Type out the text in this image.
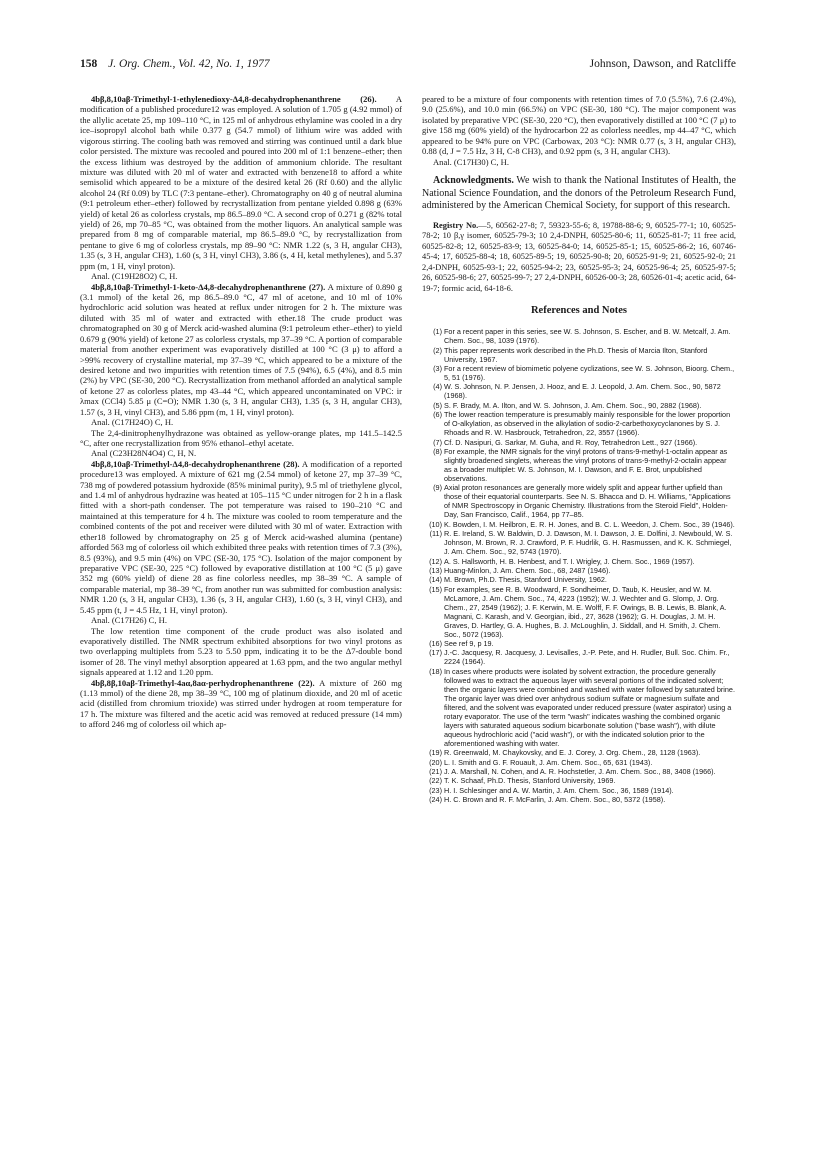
158 J. Org. Chem., Vol. 42, No. 1, 1977	Johnson, Dawson, and Ratcliffe

4bβ,8,10aβ-Trimethyl-1-ethylenedioxy-Δ4,8-decahydrophenanthrene (26). A modification of a published procedure12 was employed. A solution of 1.705 g (4.92 mmol) of the allylic acetate 25, mp 109–110 °C, in 125 ml of anhydrous ethylamine was cooled in a dry ice–isopropyl alcohol bath while 0.377 g (54.7 mmol) of lithium wire was added with vigorous stirring. The cooling bath was removed and stirring was continued until a dark blue color persisted. The mixture was recooled and poured into 200 ml of 1:1 benzene–ether; then the excess lithium was destroyed by the addition of ammonium chloride. The resultant mixture was diluted with 20 ml of water and extracted with benzene18 to afford a white semisolid which appeared to be a mixture of the desired ketal 26 (Rf 0.60) and the allylic alcohol 24 (Rf 0.09) by TLC (7:3 pentane–ether). Chromatography on 40 g of neutral alumina (9:1 petroleum ether–ether) followed by recrystallization from pentane yielded 0.898 g (63% yield) of ketal 26 as colorless crystals, mp 86.5–89.0 °C. A second crop of 0.271 g (82% total yield) of 26, mp 70–85 °C, was obtained from the mother liquors. An analytical sample was prepared from 8 mg of comparable material, mp 86.5–89.0 °C, by recrystallization from pentane to give 6 mg of colorless crystals, mp 89–90 °C: NMR 1.22 (s, 3 H, angular CH3), 1.35 (s, 3 H, angular CH3), 1.60 (s, 3 H, vinyl CH3), 3.86 (s, 4 H, ketal methylenes), and 5.37 ppm (m, 1 H, vinyl proton).

Anal. (C19H28O2) C, H.

4bβ,8,10aβ-Trimethyl-1-keto-Δ4,8-decahydrophenanthrene (27). A mixture of 0.890 g (3.1 mmol) of the ketal 26, mp 86.5–89.0 °C, 47 ml of acetone, and 10 ml of 10% hydrochloric acid solution was heated at reflux under nitrogen for 2 h. The mixture was diluted with 35 ml of water and extracted with ether.18 The crude product was chromatographed on 30 g of Merck acid-washed alumina (9:1 petroleum ether–ether) to yield 0.679 g (90% yield) of ketone 27 as colorless crystals, mp 37–39 °C. A portion of comparable material from another experiment was evaporatively distilled at 100 °C (3 μ) to afford a >99% recovery of crystalline material, mp 37–39 °C, which appeared to be a mixture of the desired ketone and two impurities with retention times of 7.5 (94%), 6.5 (4%), and 8.5 min (2%) by VPC (SE-30, 200 °C). Recrystallization from methanol afforded an analytical sample of ketone 27 as colorless plates, mp 43–44 °C, which appeared uncontaminated on VPC: ir λmax (CCl4) 5.85 μ (C=O); NMR 1.30 (s, 3 H, angular CH3), 1.35 (s, 3 H, angular CH3), 1.57 (s, 3 H, vinyl CH3), and 5.86 ppm (m, 1 H, vinyl proton).

Anal. (C17H24O) C, H.

The 2,4-dinitrophenylhydrazone was obtained as yellow-orange plates, mp 141.5–142.5 °C, after one recrystallization from 95% ethanol–ethyl acetate.

Anal (C23H28N4O4) C, H, N.

4bβ,8,10aβ-Trimethyl-Δ4,8-decahydrophenanthrene (28). A modification of a reported procedure13 was employed. A mixture of 621 mg (2.54 mmol) of ketone 27, mp 37–39 °C, 738 mg of powdered potassium hydroxide (85% minimal purity), 9.5 ml of triethylene glycol, and 1.4 ml of anhydrous hydrazine was heated at 105–115 °C under nitrogen for 2 h in a flask fitted with a short-path condenser. The pot temperature was raised to 190–210 °C and maintained at this temperature for 4 h. The mixture was cooled to room temperature and the combined contents of the pot and receiver were diluted with 30 ml of water. Extraction with ether18 followed by chromatography on 25 g of Merck acid-washed alumina (pentane) afforded 563 mg of colorless oil which exhibited three peaks with retention times of 7.3 (3%), 8.5 (93%), and 9.5 min (4%) on VPC (SE-30, 175 °C). Isolation of the major component by preparative VPC (SE-30, 225 °C) followed by evaporative distillation at 100 °C (5 μ) gave 352 mg (60% yield) of diene 28 as fine colorless needles, mp 38–39 °C. A sample of comparable material, mp 38–39 °C, from another run was submitted for combustion analysis: NMR 1.20 (s, 3 H, angular CH3), 1.36 (s, 3 H, angular CH3), 1.60 (s, 3 H, vinyl CH3), and 5.45 ppm (t, J = 4.5 Hz, 1 H, vinyl proton).

Anal. (C17H26) C, H.

The low retention time component of the crude product was also isolated and evaporatively distilled. The NMR spectrum exhibited absorptions for two vinyl protons as two overlapping multiplets from 5.23 to 5.50 ppm, indicating it to be the Δ7-double bond isomer of 28. The vinyl methyl absorption appeared at 1.63 ppm, and the two angular methyl signals appeared at 1.12 and 1.20 ppm.

4bβ,8β,10aβ-Trimethyl-4aα,8aα-perhydrophenanthrene (22). A mixture of 260 mg (1.13 mmol) of the diene 28, mp 38–39 °C, 100 mg of platinum dioxide, and 20 ml of acetic acid (distilled from chromium trioxide) was stirred under hydrogen at room temperature for 17 h. The mixture was filtered and the acetic acid was removed at reduced pressure (14 mm) to afford 246 mg of colorless oil which ap-

peared to be a mixture of four components with retention times of 7.0 (5.5%), 7.6 (2.4%), 9.0 (25.6%), and 10.0 min (66.5%) on VPC (SE-30, 180 °C). The major component was isolated by preparative VPC (SE-30, 220 °C), then evaporatively distilled at 100 °C (7 μ) to give 158 mg (60% yield) of the hydrocarbon 22 as colorless needles, mp 44–47 °C, which appeared to be 94% pure on VPC (Carbowax, 203 °C): NMR 0.77 (s, 3 H, angular CH3), 0.88 (d, J = 7.5 Hz, 3 H, C-8 CH3), and 0.92 ppm (s, 3 H, angular CH3).

Anal. (C17H30) C, H.

Acknowledgments. We wish to thank the National Institutes of Health, the National Science Foundation, and the donors of the Petroleum Research Fund, administered by the American Chemical Society, for support of this research.

Registry No.—5, 60562-27-8; 7, 59323-55-6; 8, 19788-88-6; 9, 60525-77-1; 10, 60525-78-2; 10 β,γ isomer, 60525-79-3; 10 2,4-DNPH, 60525-80-6; 11, 60525-81-7; 11 free acid, 60525-82-8; 12, 60525-83-9; 13, 60525-84-0; 14, 60525-85-1; 15, 60525-86-2; 16, 60746-45-4; 17, 60525-88-4; 18, 60525-89-5; 19, 60525-90-8; 20, 60525-91-9; 21, 60525-92-0; 21 2,4-DNPH, 60525-93-1; 22, 60525-94-2; 23, 60525-95-3; 24, 60525-96-4; 25, 60525-97-5; 26, 60525-98-6; 27, 60525-99-7; 27 2,4-DNPH, 60526-00-3; 28, 60526-01-4; acetic acid, 64-19-7; formic acid, 64-18-6.

References and Notes
(1) For a recent paper in this series, see W. S. Johnson, S. Escher, and B. W. Metcalf, J. Am. Chem. Soc., 98, 1039 (1976).
(2) This paper represents work described in the Ph.D. Thesis of Marcia Ilton, Stanford University, 1967.
(3) For a recent review of biomimetic polyene cyclizations, see W. S. Johnson, Bioorg. Chem., 5, 51 (1976).
(4) W. S. Johnson, N. P. Jensen, J. Hooz, and E. J. Leopold, J. Am. Chem. Soc., 90, 5872 (1968).
(5) S. F. Brady, M. A. Ilton, and W. S. Johnson, J. Am. Chem. Soc., 90, 2882 (1968).
(6) The lower reaction temperature is presumably mainly responsible for the lower proportion of O-alkylation, as observed in the alkylation of sodio-2-carbethoxycyclanones by S. J. Rhoads and R. W. Hasbrouck, Tetrahedron, 22, 3557 (1966).
(7) Cf. D. Nasipuri, G. Sarkar, M. Guha, and R. Roy, Tetrahedron Lett., 927 (1966).
(8) For example, the NMR signals for the vinyl protons of trans-9-methyl-1-octalin appear as slightly broadened singlets, whereas the vinyl protons of trans-9-methyl-2-octalin appear as a broader multiplet: W. S. Johnson, M. I. Dawson, and F. E. Brot, unpublished observations.
(9) Axial proton resonances are generally more widely split and appear further upfield than those of their equatorial counterparts. See N. S. Bhacca and D. H. Williams, "Applications of NMR Spectroscopy in Organic Chemistry. Illustrations from the Steroid Field", Holden-Day, San Francisco, Calif., 1964, pp 77–85.
(10) K. Bowden, I. M. Heilbron, E. R. H. Jones, and B. C. L. Weedon, J. Chem. Soc., 39 (1946).
(11) R. E. Ireland, S. W. Baldwin, D. J. Dawson, M. I. Dawson, J. E. Dolfini, J. Newbould, W. S. Johnson, M. Brown, R. J. Crawford, P. F. Hudrlik, G. H. Rasmussen, and K. K. Schmiegel, J. Am. Chem. Soc., 92, 5743 (1970).
(12) A. S. Hallsworth, H. B. Henbest, and T. I. Wrigley, J. Chem. Soc., 1969 (1957).
(13) Huang-Minlon, J. Am. Chem. Soc., 68, 2487 (1946).
(14) M. Brown, Ph.D. Thesis, Stanford University, 1962.
(15) For examples, see R. B. Woodward, F. Sondheimer, D. Taub, K. Heusler, and W. M. McLamore, J. Am. Chem. Soc., 74, 4223 (1952); W. J. Wechter and G. Slomp, J. Org. Chem., 27, 2549 (1962); J. F. Kerwin, M. E. Wolff, F. F. Owings, B. B. Lewis, B. Blank, A. Magnani, C. Karash, and V. Georgian, ibid., 27, 3628 (1962); G. H. Douglas, J. M. H. Graves, D. Hartley, G. A. Hughes, B. J. McLoughlin, J. Siddall, and H. Smith, J. Chem. Soc., 5072 (1963).
(16) See ref 9, p 19.
(17) J.-C. Jacquesy, R. Jacquesy, J. Levisalles, J.-P. Pete, and H. Rudler, Bull. Soc. Chim. Fr., 2224 (1964).
(18) In cases where products were isolated by solvent extraction, the procedure generally followed was to extract the aqueous layer with several portions of the indicated solvent; then the organic layers were combined and washed with water followed by saturated brine. The organic layer was dried over anhydrous sodium sulfate or magnesium sulfate and filtered, and the solvent was evaporated under reduced pressure (water aspirator) using a rotary evaporator. The use of the term "wash" indicates washing the combined organic layers with saturated aqueous sodium bicarbonate solution ("base wash"), with dilute aqueous hydrochloric acid ("acid wash"), or with the indicated solution prior to the aforementioned washing with water.
(19) R. Greenwald, M. Chaykovsky, and E. J. Corey, J. Org. Chem., 28, 1128 (1963).
(20) L. I. Smith and G. F. Rouault, J. Am. Chem. Soc., 65, 631 (1943).
(21) J. A. Marshall, N. Cohen, and A. R. Hochstetler, J. Am. Chem. Soc., 88, 3408 (1966).
(22) T. K. Schaaf, Ph.D. Thesis, Stanford University, 1969.
(23) H. I. Schlesinger and A. W. Martin, J. Am. Chem. Soc., 36, 1589 (1914).
(24) H. C. Brown and R. F. McFarlin, J. Am. Chem. Soc., 80, 5372 (1958).
